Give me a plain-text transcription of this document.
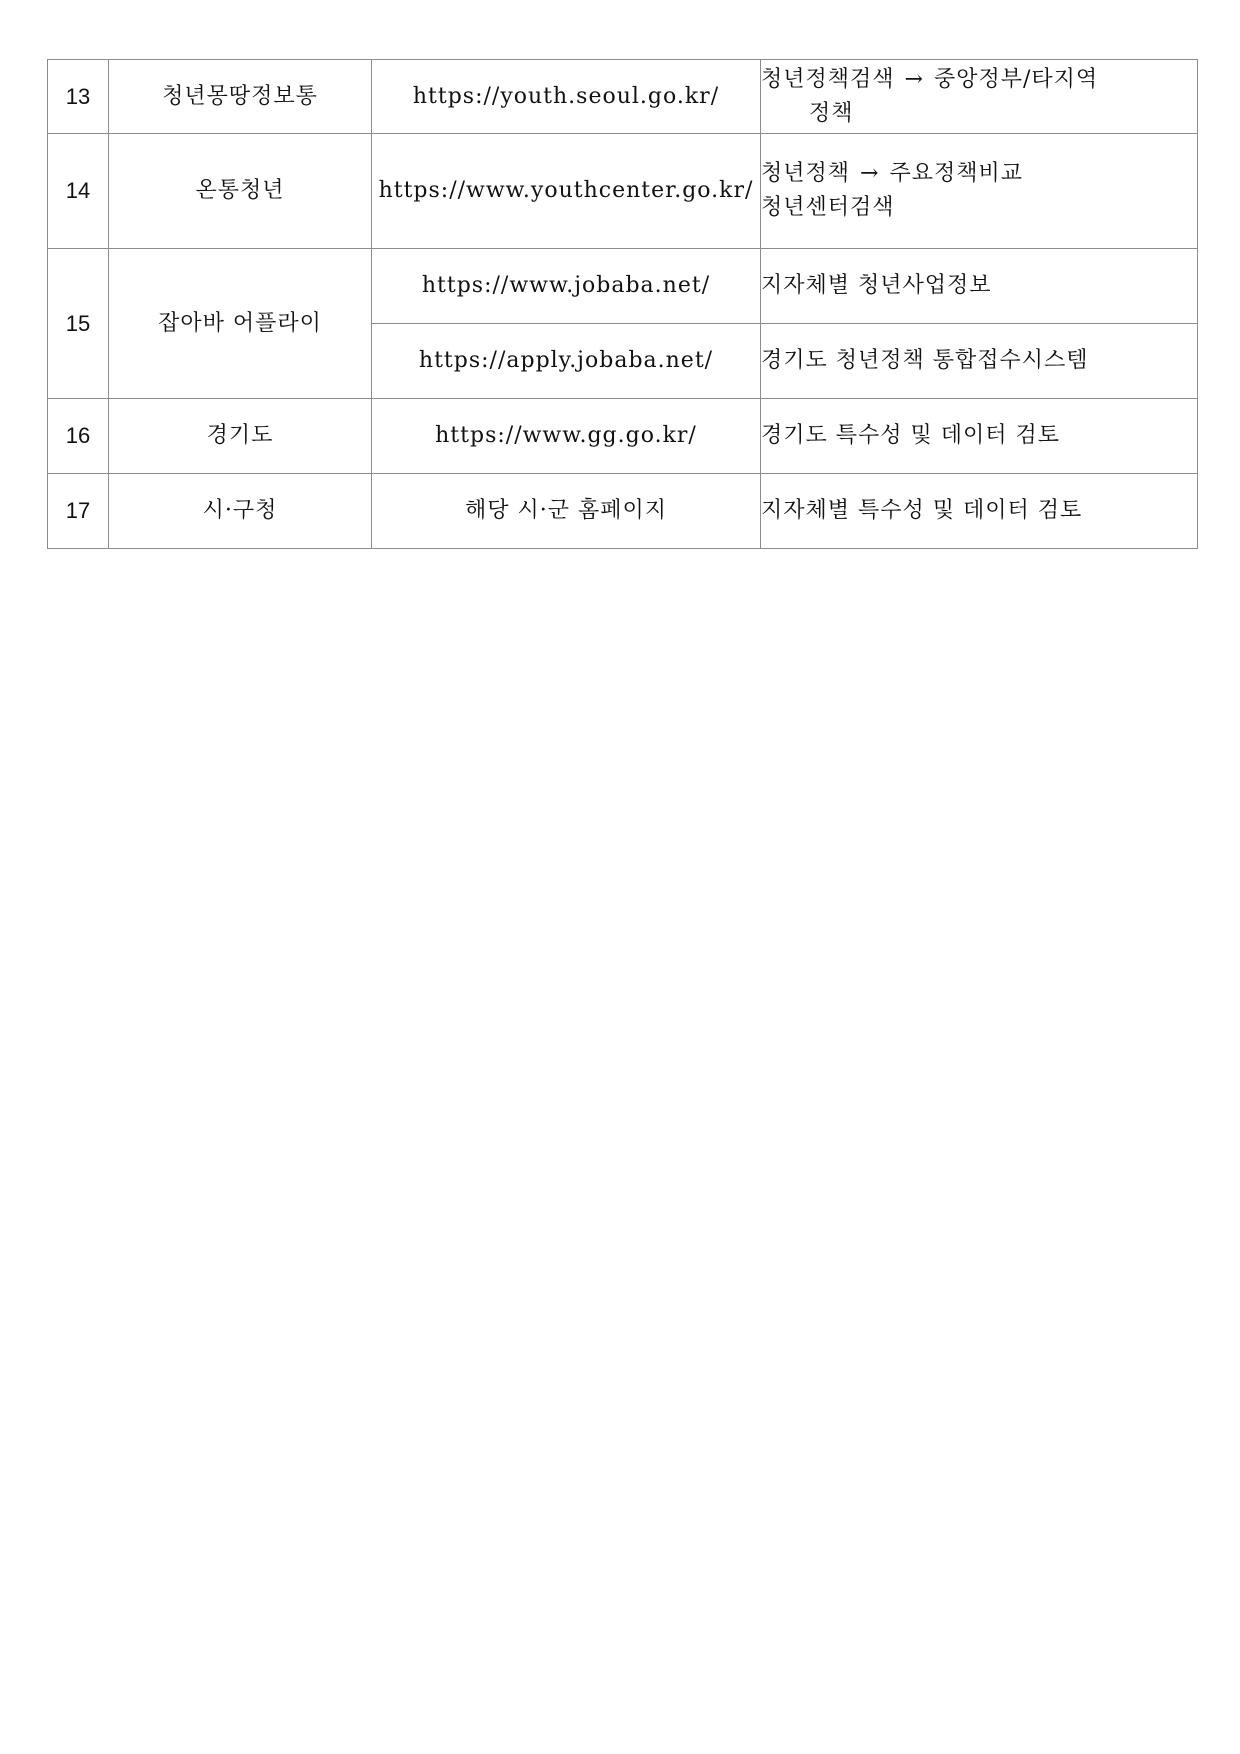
13	청년몽땅정보통	https://youth.seoul.go.kr/	청년정책검색 → 중앙정부/타지역
정책

14	온통청년	https://www.youthcenter.go.kr/	청년정책 → 주요정책비교
청년센터검색

15	잡아바 어플라이	https://www.jobaba.net/	지자체별 청년사업정보
		https://apply.jobaba.net/	경기도 청년정책 통합접수시스템
16	경기도	https://www.gg.go.kr/	경기도 특수성 및 데이터 검토
17	시·구청	해당 시·군 홈페이지	지자체별 특수성 및 데이터 검토
